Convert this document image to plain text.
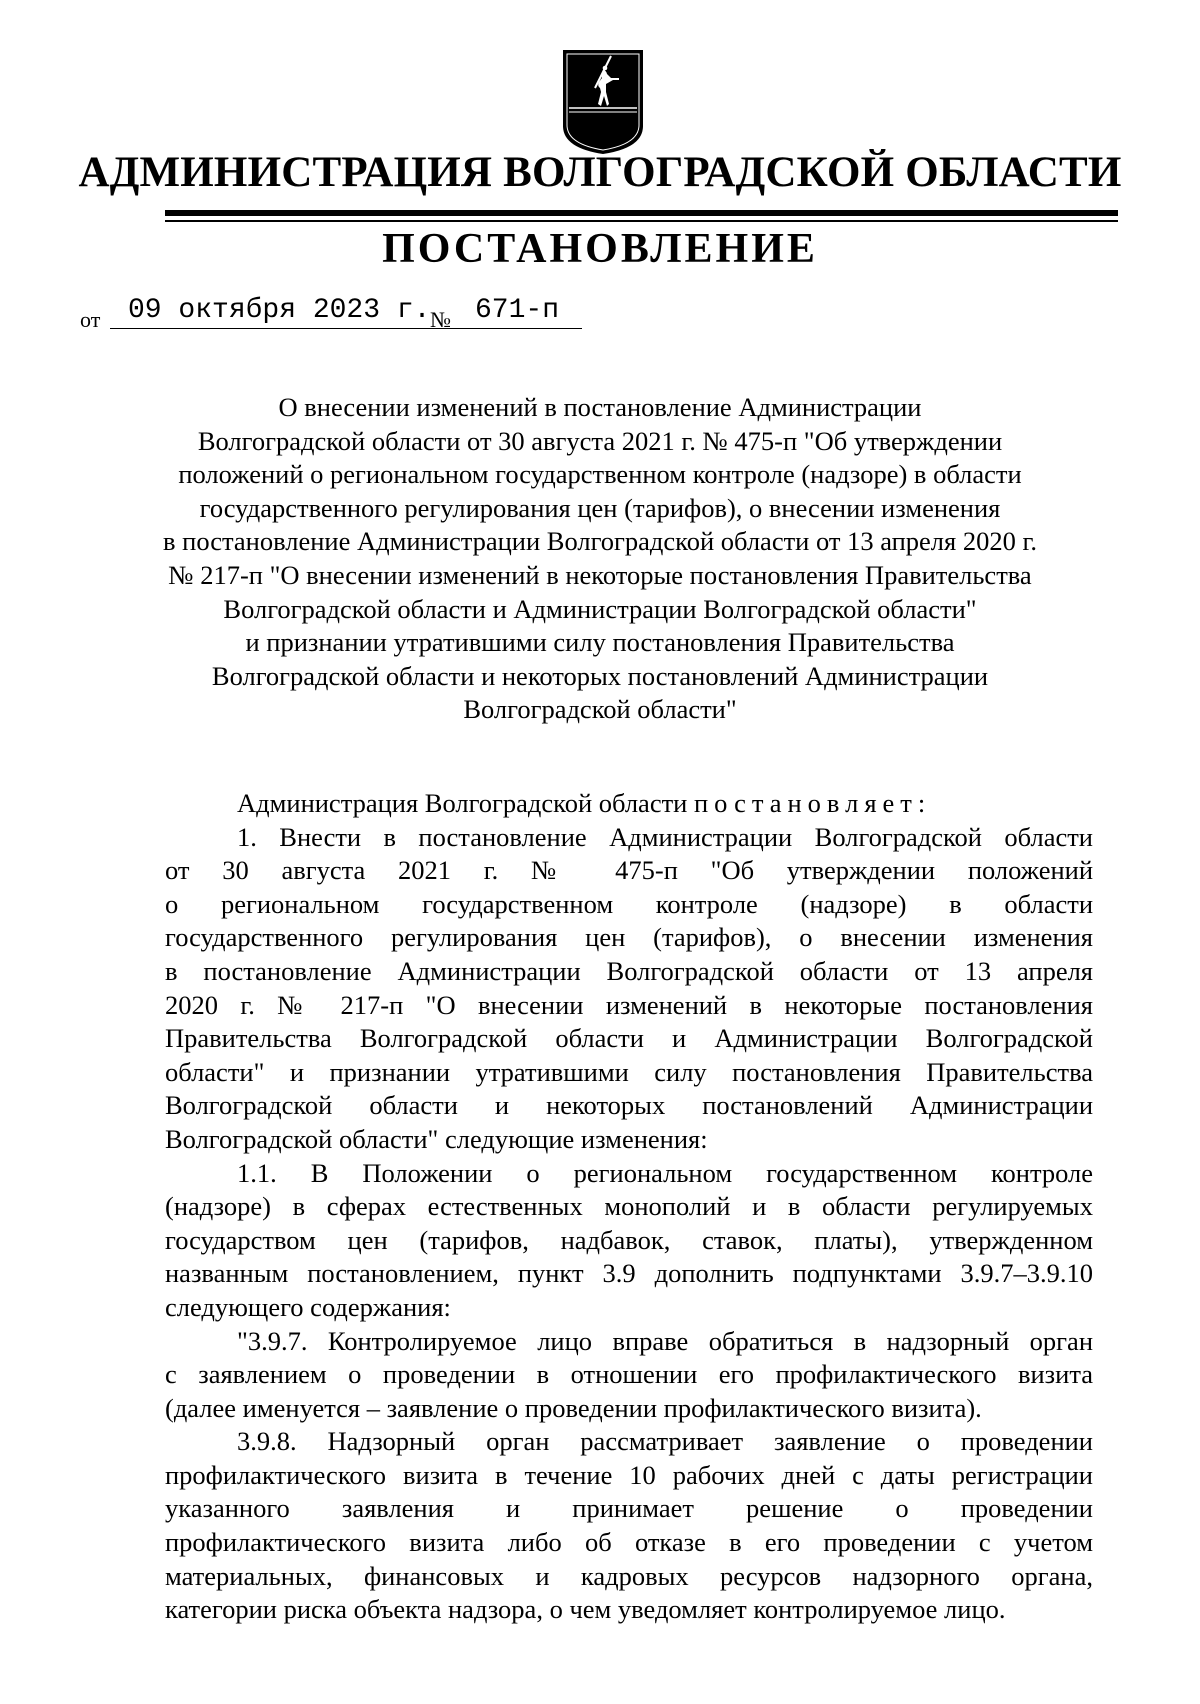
АДМИНИСТРАЦИЯ ВОЛГОГРАДСКОЙ ОБЛАСТИ
ПОСТАНОВЛЕНИЕ
от 09 октября 2023 г. № 671-п
О внесении изменений в постановление Администрации
Волгоградской области от 30 августа 2021 г. № 475-п "Об утверждении
положений о региональном государственном контроле (надзоре) в области
государственного регулирования цен (тарифов), о внесении изменения
в постановление Администрации Волгоградской области от 13 апреля 2020 г.
№ 217-п "О внесении изменений в некоторые постановления Правительства
Волгоградской области и Администрации Волгоградской области"
и признании утратившими силу постановления Правительства
Волгоградской области и некоторых постановлений Администрации
Волгоградской области"
Администрация Волгоградской области постановляет:
1. Внести в постановление Администрации Волгоградской области
от 30 августа 2021 г. № 475-п "Об утверждении положений
о региональном государственном контроле (надзоре) в области
государственного регулирования цен (тарифов), о внесении изменения
в постановление Администрации Волгоградской области от 13 апреля
2020 г. № 217-п "О внесении изменений в некоторые постановления
Правительства Волгоградской области и Администрации Волгоградской
области" и признании утратившими силу постановления Правительства
Волгоградской области и некоторых постановлений Администрации
Волгоградской области" следующие изменения:
1.1. В Положении о региональном государственном контроле
(надзоре) в сферах естественных монополий и в области регулируемых
государством цен (тарифов, надбавок, ставок, платы), утвержденном
названным постановлением, пункт 3.9 дополнить подпунктами 3.9.7–3.9.10
следующего содержания:
"3.9.7. Контролируемое лицо вправе обратиться в надзорный орган
с заявлением о проведении в отношении его профилактического визита
(далее именуется – заявление о проведении профилактического визита).
3.9.8. Надзорный орган рассматривает заявление о проведении
профилактического визита в течение 10 рабочих дней с даты регистрации
указанного заявления и принимает решение о проведении
профилактического визита либо об отказе в его проведении с учетом
материальных, финансовых и кадровых ресурсов надзорного органа,
категории риска объекта надзора, о чем уведомляет контролируемое лицо.
